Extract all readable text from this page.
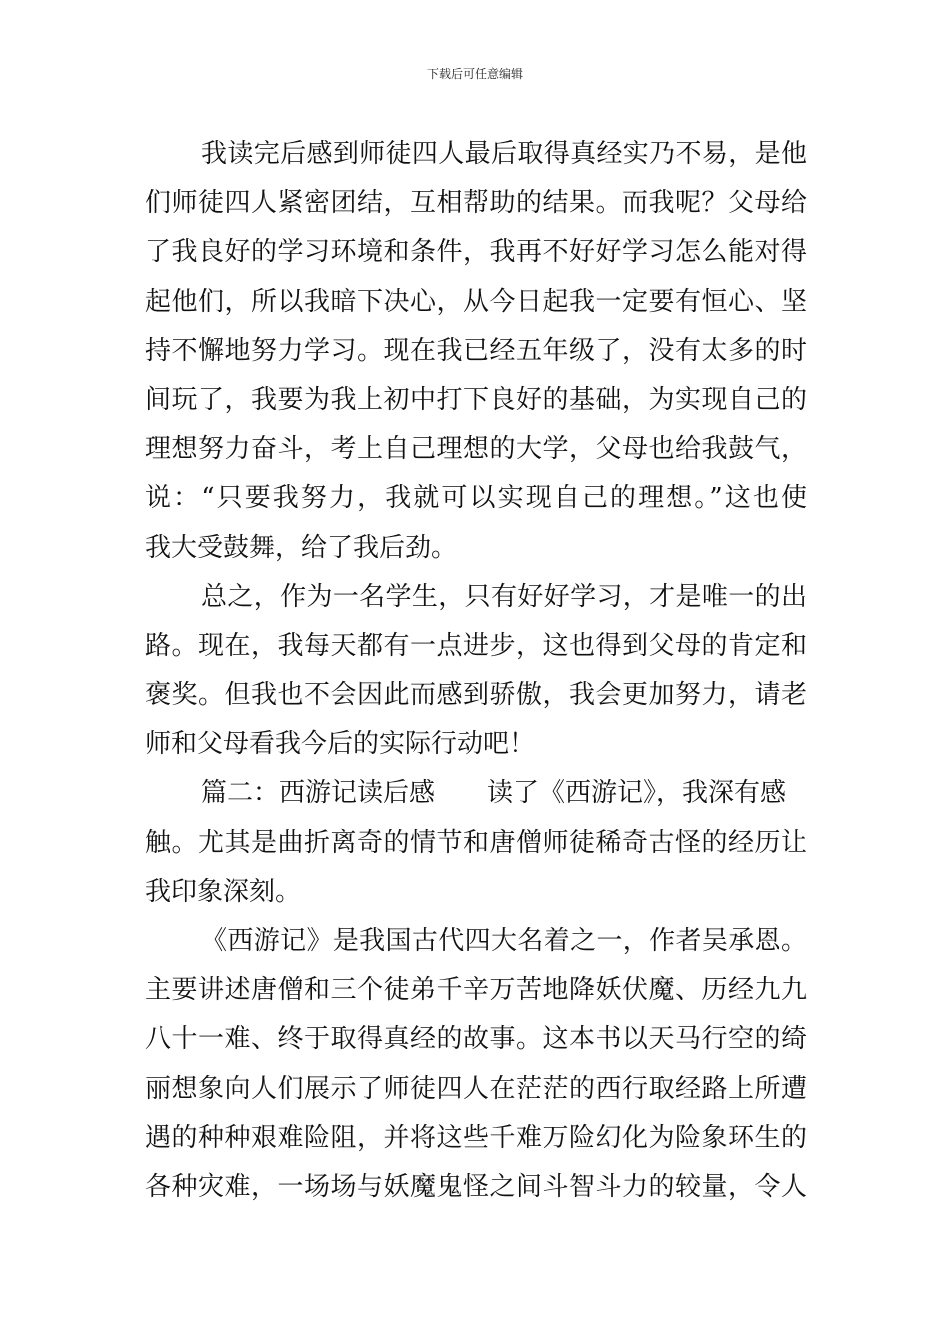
下载后可任意编辑
我读完后感到师徒四人最后取得真经实乃不易，是他
们师徒四人紧密团结，互相帮助的结果。而我呢？父母给
了我良好的学习环境和条件，我再不好好学习怎么能对得
起他们，所以我暗下决心，从今日起我一定要有恒心、坚
持不懈地努力学习。现在我已经五年级了，没有太多的时
间玩了，我要为我上初中打下良好的基础，为实现自己的
理想努力奋斗，考上自己理想的大学，父母也给我鼓气，
说：“只要我努力，我就可以实现自己的理想。”这也使
我大受鼓舞，给了我后劲。
总之，作为一名学生，只有好好学习，才是唯一的出
路。现在，我每天都有一点进步，这也得到父母的肯定和
褒奖。但我也不会因此而感到骄傲，我会更加努力，请老
师和父母看我今后的实际行动吧！
篇二：西游记读后感 读了《西游记》，我深有感
触。尤其是曲折离奇的情节和唐僧师徒稀奇古怪的经历让
我印象深刻。
《西游记》是我国古代四大名着之一，作者吴承恩。
主要讲述唐僧和三个徒弟千辛万苦地降妖伏魔、历经九九
八十一难、终于取得真经的故事。这本书以天马行空的绮
丽想象向人们展示了师徒四人在茫茫的西行取经路上所遭
遇的种种艰难险阻，并将这些千难万险幻化为险象环生的
各种灾难，一场场与妖魔鬼怪之间斗智斗力的较量，令人
